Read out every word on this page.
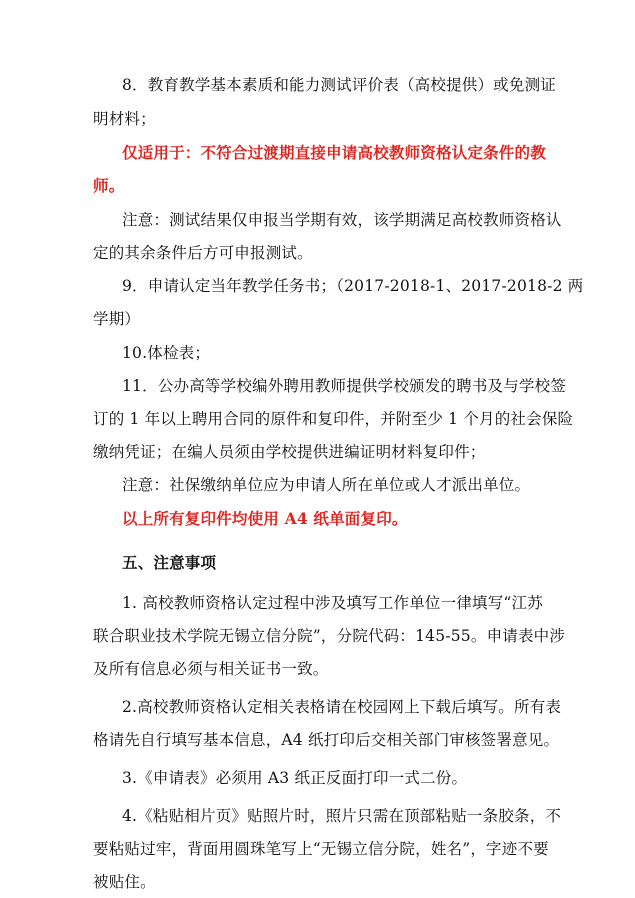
8．教育教学基本素质和能力测试评价表（高校提供）或免测证
明材料；
仅适用于：不符合过渡期直接申请高校教师资格认定条件的教
师。
注意：测试结果仅申报当学期有效，该学期满足高校教师资格认
定的其余条件后方可申报测试。
9．申请认定当年教学任务书；（2017-2018-1、2017-2018-2 两
学期）
10.体检表；
11．公办高等学校编外聘用教师提供学校颁发的聘书及与学校签
订的 1 年以上聘用合同的原件和复印件，并附至少 1 个月的社会保险
缴纳凭证；在编人员须由学校提供进编证明材料复印件；
注意：社保缴纳单位应为申请人所在单位或人才派出单位。
以上所有复印件均使用 A4 纸单面复印。
五、注意事项
1. 高校教师资格认定过程中涉及填写工作单位一律填写“江苏
联合职业技术学院无锡立信分院”，分院代码：145-55。申请表中涉
及所有信息必须与相关证书一致。
2.高校教师资格认定相关表格请在校园网上下载后填写。所有表
格请先自行填写基本信息，A4 纸打印后交相关部门审核签署意见。
3.《申请表》必须用 A3 纸正反面打印一式二份。
4.《粘贴相片页》贴照片时，照片只需在顶部粘贴一条胶条，不
要粘贴过牢，背面用圆珠笔写上“无锡立信分院，姓名”，字迹不要
被贴住。
